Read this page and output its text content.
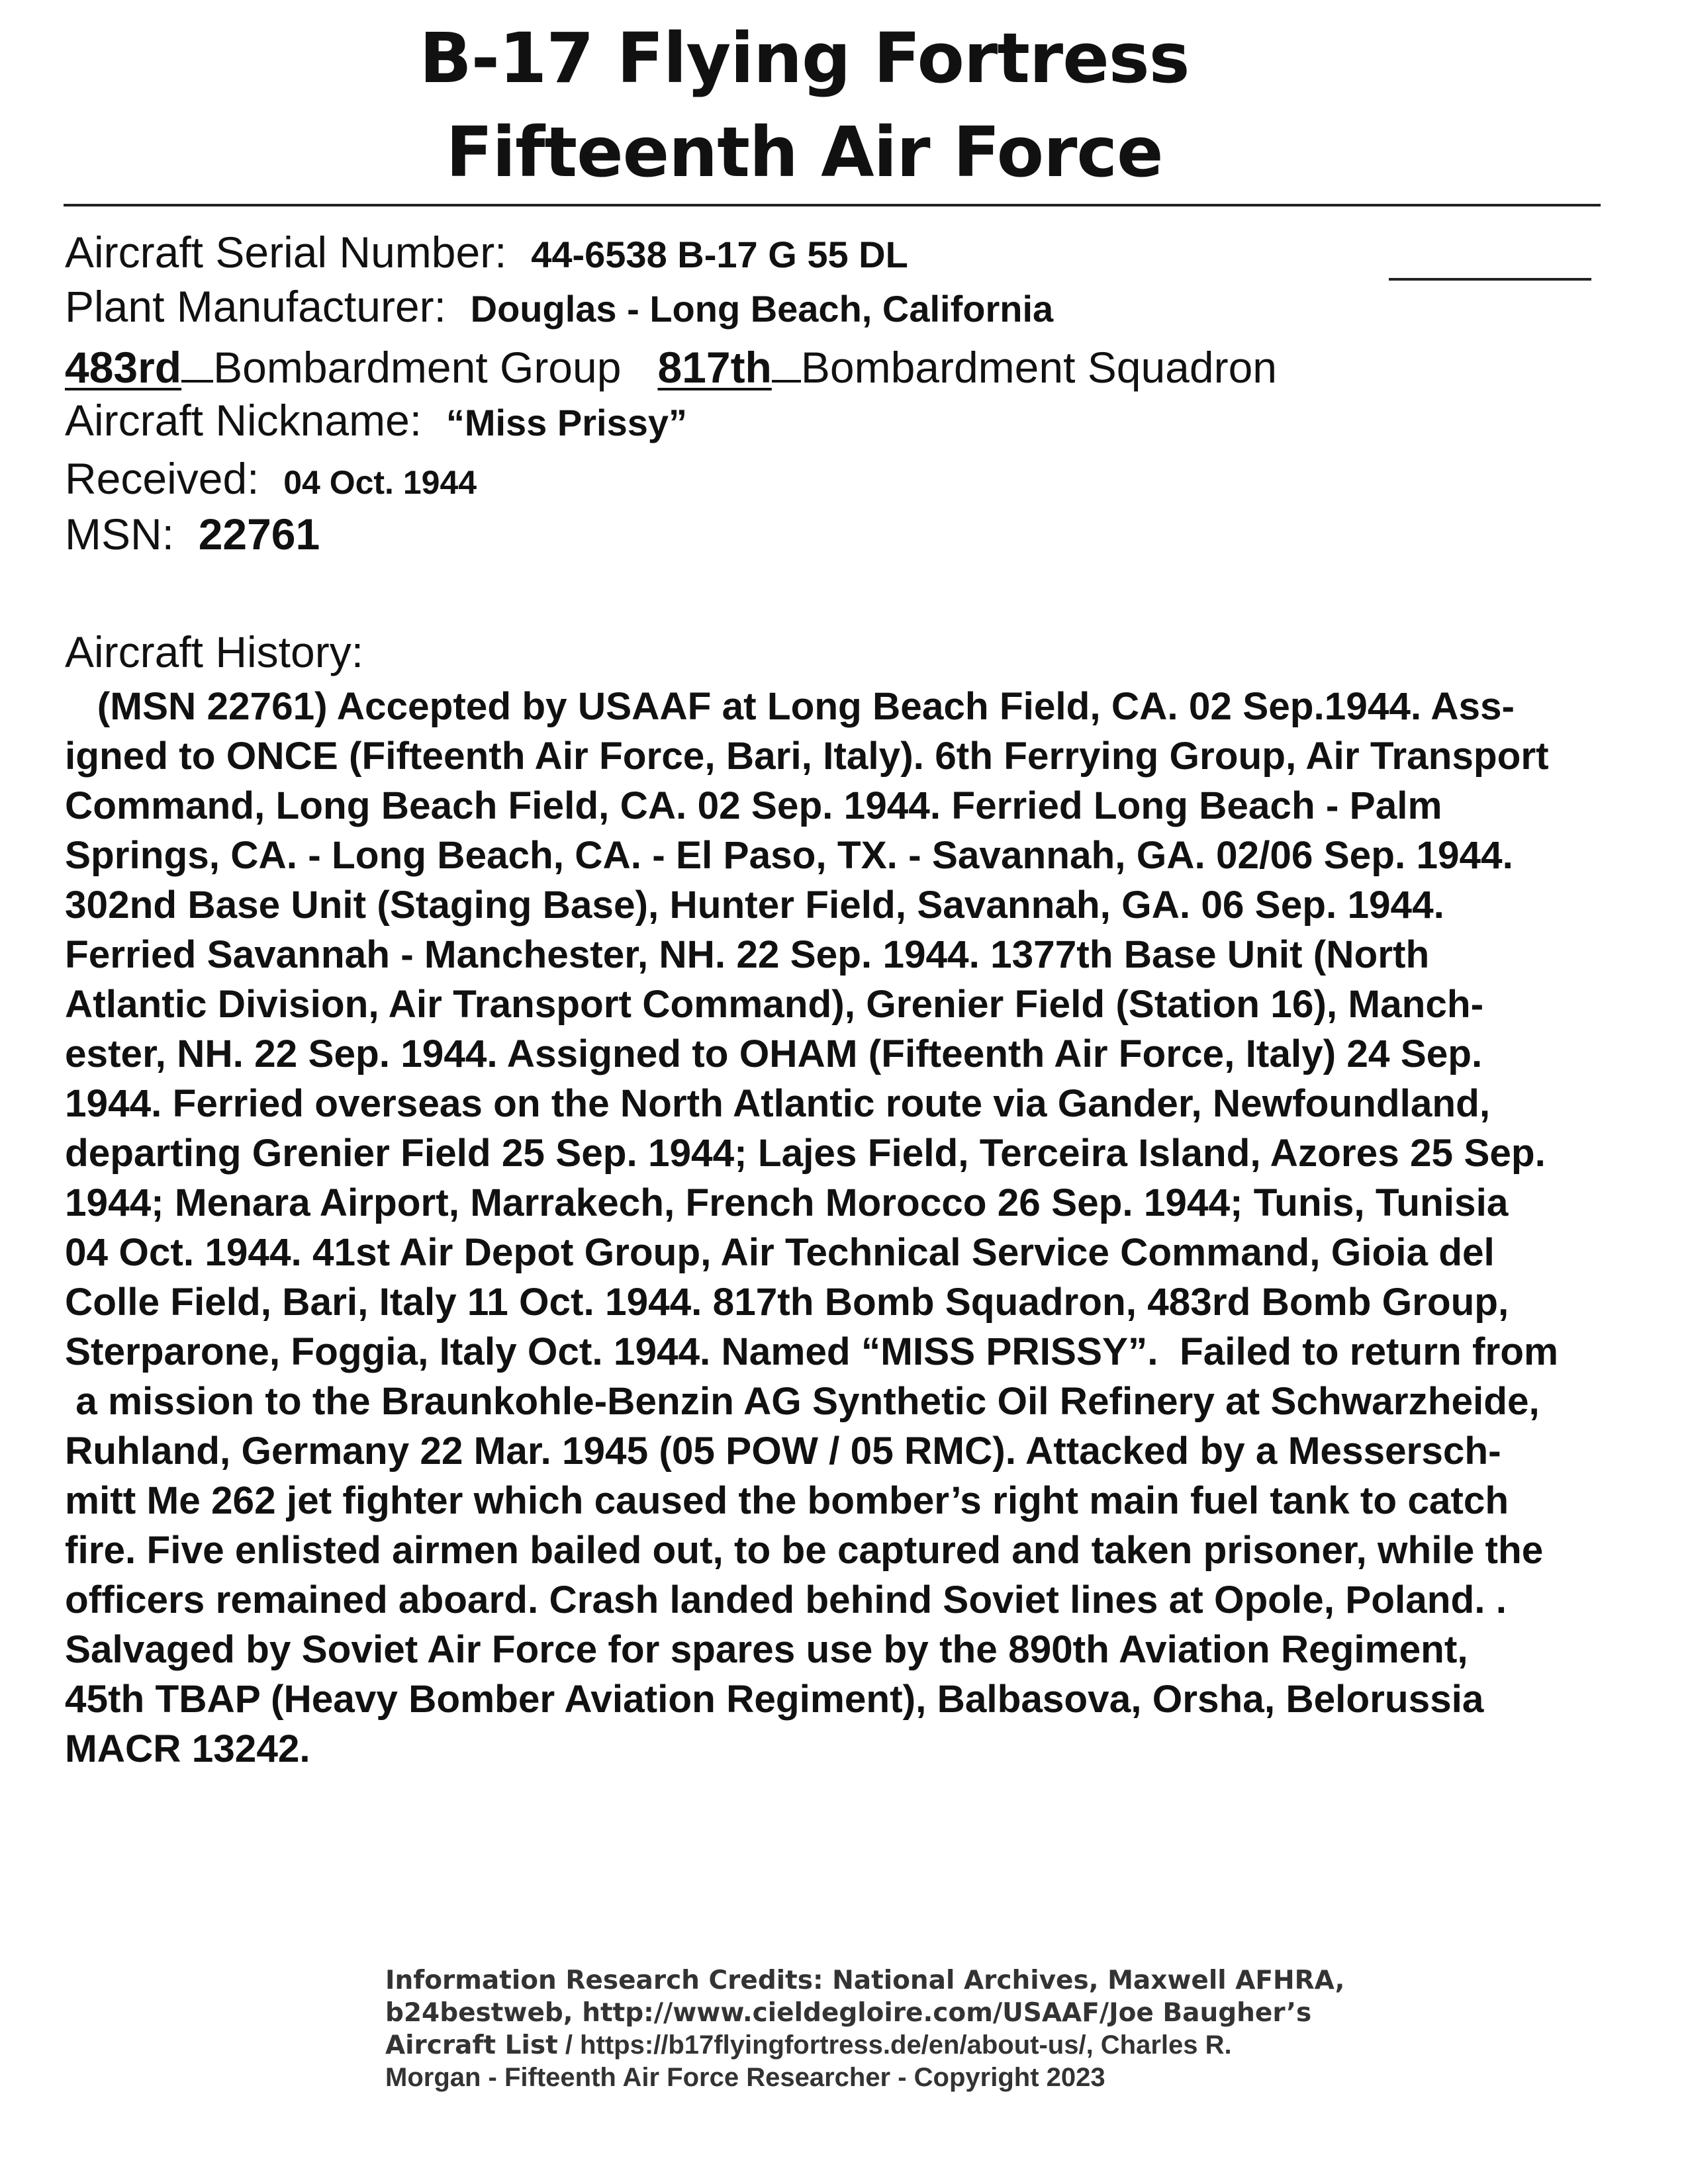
B-17 Flying Fortress
Fifteenth Air Force
Aircraft Serial Number: 44-6538 B-17 G 55 DL
Plant Manufacturer: Douglas - Long Beach, California
483rd Bombardment Group 817th Bombardment Squadron
Aircraft Nickname: “Miss Prissy”
Received: 04 Oct. 1944
MSN: 22761
Aircraft History:
(MSN 22761) Accepted by USAAF at Long Beach Field, CA. 02 Sep.1944. Ass-
igned to ONCE (Fifteenth Air Force, Bari, Italy). 6th Ferrying Group, Air Transport
Command, Long Beach Field, CA. 02 Sep. 1944. Ferried Long Beach - Palm
Springs, CA. - Long Beach, CA. - El Paso, TX. - Savannah, GA. 02/06 Sep. 1944.
302nd Base Unit (Staging Base), Hunter Field, Savannah, GA. 06 Sep. 1944.
Ferried Savannah - Manchester, NH. 22 Sep. 1944. 1377th Base Unit (North
Atlantic Division, Air Transport Command), Grenier Field (Station 16), Manch-
ester, NH. 22 Sep. 1944. Assigned to OHAM (Fifteenth Air Force, Italy) 24 Sep.
1944. Ferried overseas on the North Atlantic route via Gander, Newfoundland,
departing Grenier Field 25 Sep. 1944; Lajes Field, Terceira Island, Azores 25 Sep.
1944; Menara Airport, Marrakech, French Morocco 26 Sep. 1944; Tunis, Tunisia
04 Oct. 1944. 41st Air Depot Group, Air Technical Service Command, Gioia del
Colle Field, Bari, Italy 11 Oct. 1944. 817th Bomb Squadron, 483rd Bomb Group,
Sterparone, Foggia, Italy Oct. 1944. Named “MISS PRISSY”.  Failed to return from
a mission to the Braunkohle-Benzin AG Synthetic Oil Refinery at Schwarzheide,
Ruhland, Germany 22 Mar. 1945 (05 POW / 05 RMC). Attacked by a Messersch-
mitt Me 262 jet fighter which caused the bomber’s right main fuel tank to catch
fire. Five enlisted airmen bailed out, to be captured and taken prisoner, while the
officers remained aboard. Crash landed behind Soviet lines at Opole, Poland. .
Salvaged by Soviet Air Force for spares use by the 890th Aviation Regiment,
45th TBAP (Heavy Bomber Aviation Regiment), Balbasova, Orsha, Belorussia
MACR 13242.
Information Research Credits: National Archives, Maxwell AFHRA,
b24bestweb, http://www.cieldegloire.com/USAAF/Joe Baugher’s
Aircraft List / https://b17flyingfortress.de/en/about-us/, Charles R.
Morgan - Fifteenth Air Force Researcher - Copyright 2023
